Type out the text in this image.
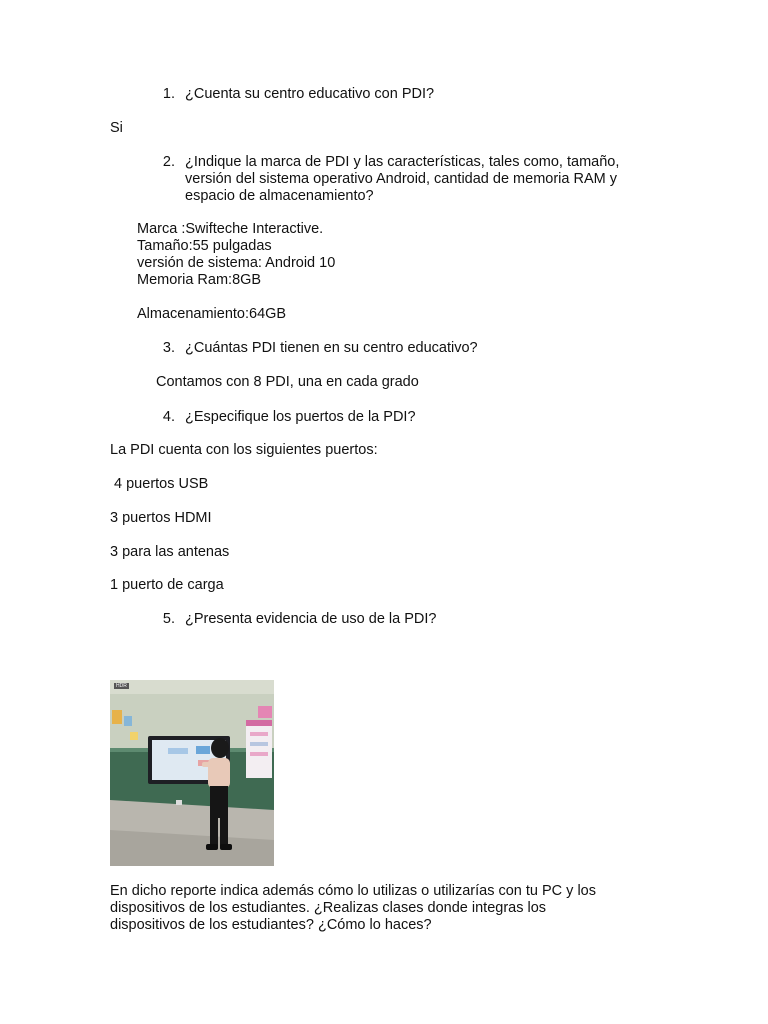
1. ¿Cuenta su centro educativo con PDI?
Si
2. ¿Indique la marca de PDI y las características, tales como, tamaño,
versión del sistema operativo Android, cantidad de memoria RAM y
espacio de almacenamiento?
Marca :Swifteche Interactive.
Tamaño:55 pulgadas
versión de sistema: Android 10
Memoria Ram:8GB
Almacenamiento:64GB
3. ¿Cuántas PDI tienen en su centro educativo?
Contamos con 8 PDI, una en cada grado
4. ¿Especifique los puertos de la PDI?
La PDI cuenta con los siguientes puertos:
4 puertos USB
3 puertos HDMI
3 para las antenas
1 puerto de carga
5. ¿Presenta evidencia de uso de la PDI?
HDR
En dicho reporte indica además cómo lo utilizas o utilizarías con tu PC y los
dispositivos de los estudiantes. ¿Realizas clases donde integras los
dispositivos de los estudiantes? ¿Cómo lo haces?
